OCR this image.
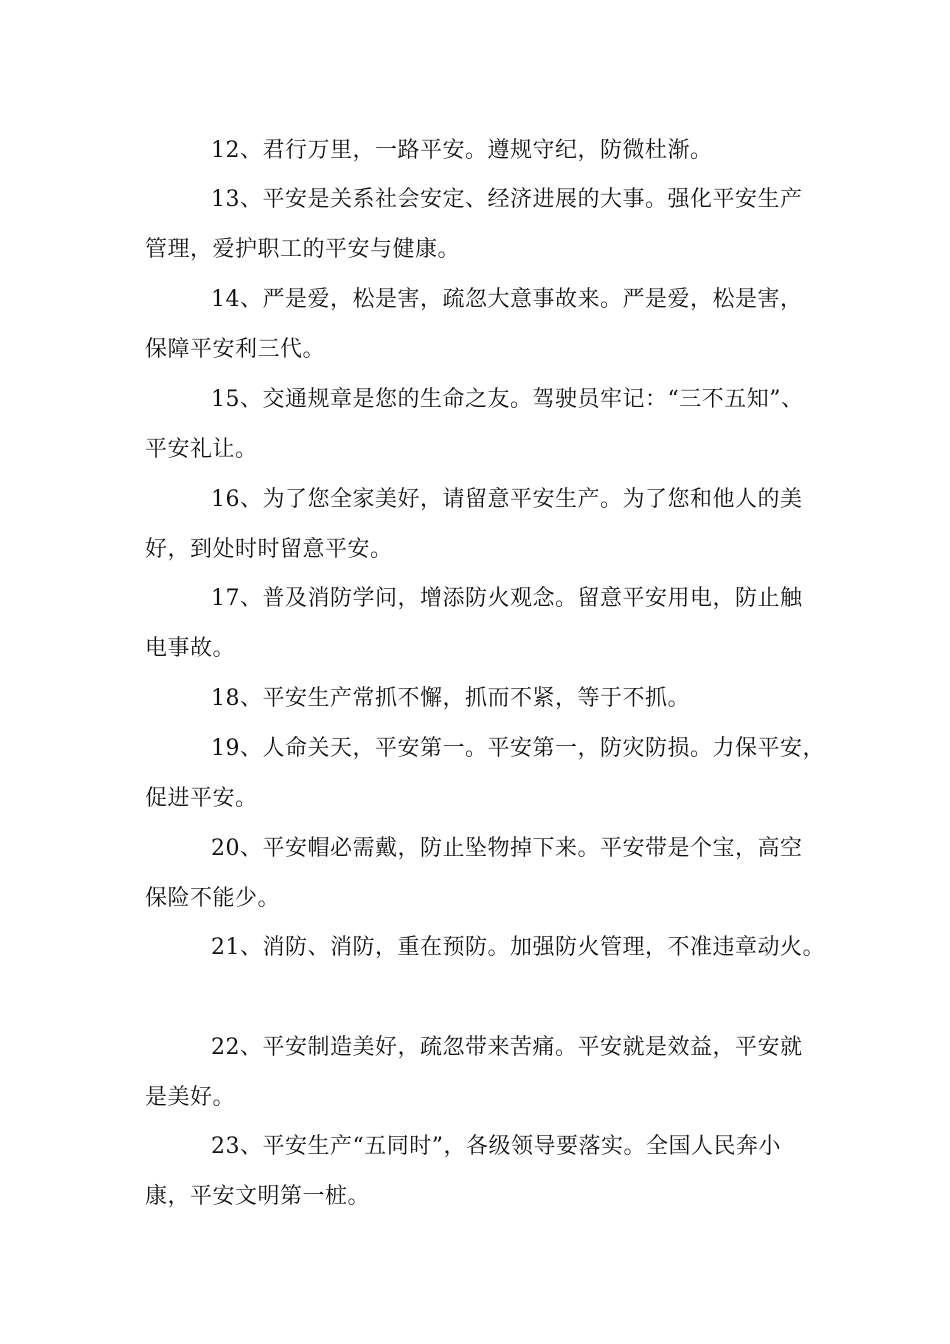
12、君行万里，一路平安。遵规守纪，防微杜渐。
13、平安是关系社会安定、经济进展的大事。强化平安生产
管理，爱护职工的平安与健康。
14、严是爱，松是害，疏忽大意事故来。严是爱，松是害，
保障平安利三代。
15、交通规章是您的生命之友。驾驶员牢记：“三不五知”、
平安礼让。
16、为了您全家美好，请留意平安生产。为了您和他人的美
好，到处时时留意平安。
17、普及消防学问，增添防火观念。留意平安用电，防止触
电事故。
18、平安生产常抓不懈，抓而不紧，等于不抓。
19、人命关天，平安第一。平安第一，防灾防损。力保平安，
促进平安。
20、平安帽必需戴，防止坠物掉下来。平安带是个宝，高空
保险不能少。
21、消防、消防，重在预防。加强防火管理，不准违章动火。
22、平安制造美好，疏忽带来苦痛。平安就是效益，平安就
是美好。
23、平安生产“五同时”，各级领导要落实。全国人民奔小
康，平安文明第一桩。
